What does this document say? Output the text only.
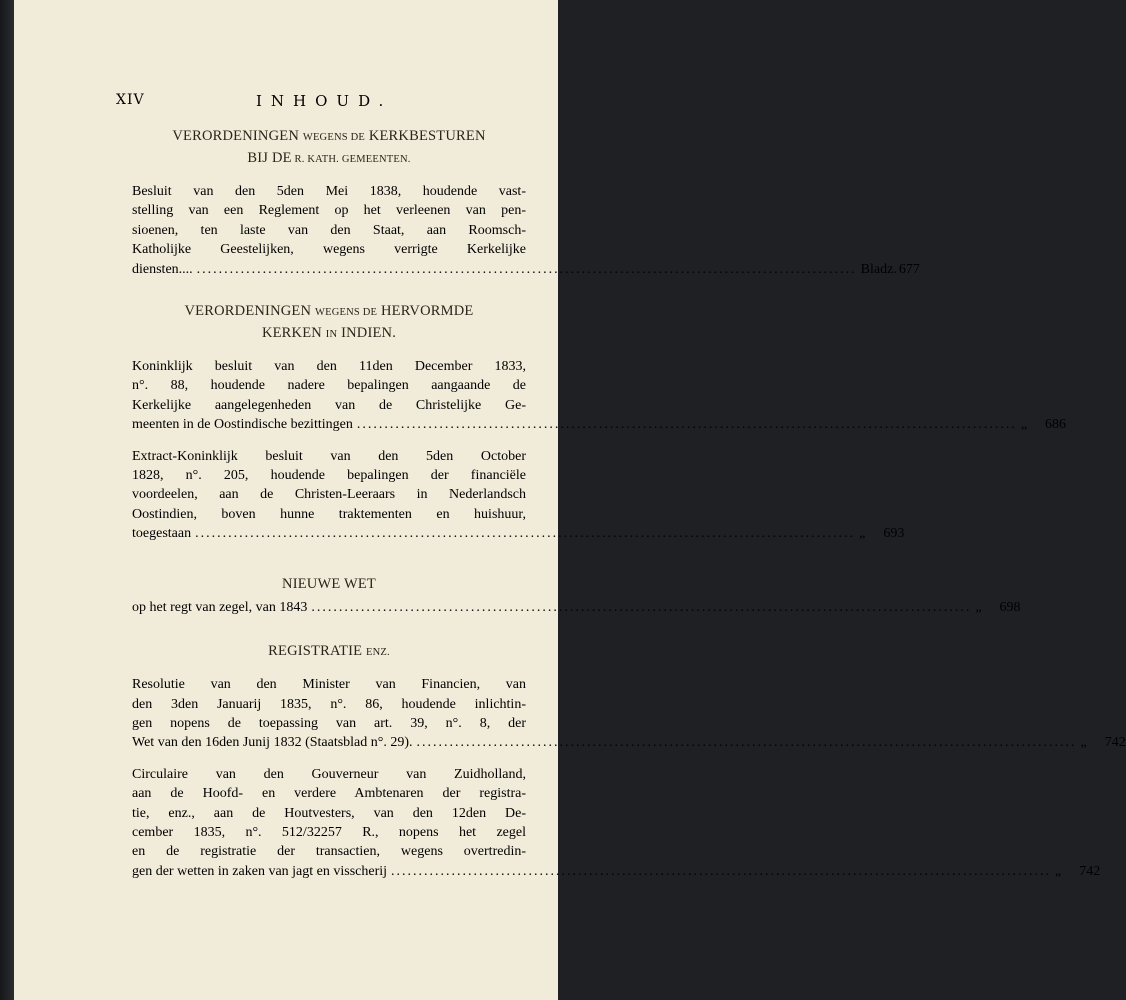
XIV	INHOUD.
VERORDENINGEN WEGENS DE KERKBESTUREN
BIJ DE R. KATH. GEMEENTEN.
Besluit van den 5den Mei 1838, houdende vast-
stelling van een Reglement op het verleenen van pen-
sioenen, ten laste van den Staat, aan Roomsch-
Katholijke Geestelijken, wegens verrigte Kerkelijke
diensten.... ........................................................................................................................ Bladz. 677
VERORDENINGEN WEGENS DE HERVORMDE
KERKEN IN INDIEN.
Koninklijk besluit van den 11den December 1833,
n°. 88, houdende nadere bepalingen aangaande de
Kerkelijke aangelegenheden van de Christelijke Ge-
meenten in de Oostindische bezittingen ........................................................................................................................ „ 686
Extract-Koninklijk besluit van den 5den October
1828, n°. 205, houdende bepalingen der financiële
voordeelen, aan de Christen-Leeraars in Nederlandsch
Oostindien, boven hunne traktementen en huishuur,
toegestaan ........................................................................................................................ „ 693
NIEUWE WET
op het regt van zegel, van 1843 ........................................................................................................................ „ 698
REGISTRATIE ENZ.
Resolutie van den Minister van Financien, van
den 3den Januarij 1835, n°. 86, houdende inlichtin-
gen nopens de toepassing van art. 39, n°. 8, der
Wet van den 16den Junij 1832 (Staatsblad n°. 29). ........................................................................................................................ „ 742
Circulaire van den Gouverneur van Zuidholland,
aan de Hoofd- en verdere Ambtenaren der registra-
tie, enz., aan de Houtvesters, van den 12den De-
cember 1835, n°. 512/32257 R., nopens het zegel
en de registratie der transactien, wegens overtredin-
gen der wetten in zaken van jagt en visscherij ........................................................................................................................ „ 742
